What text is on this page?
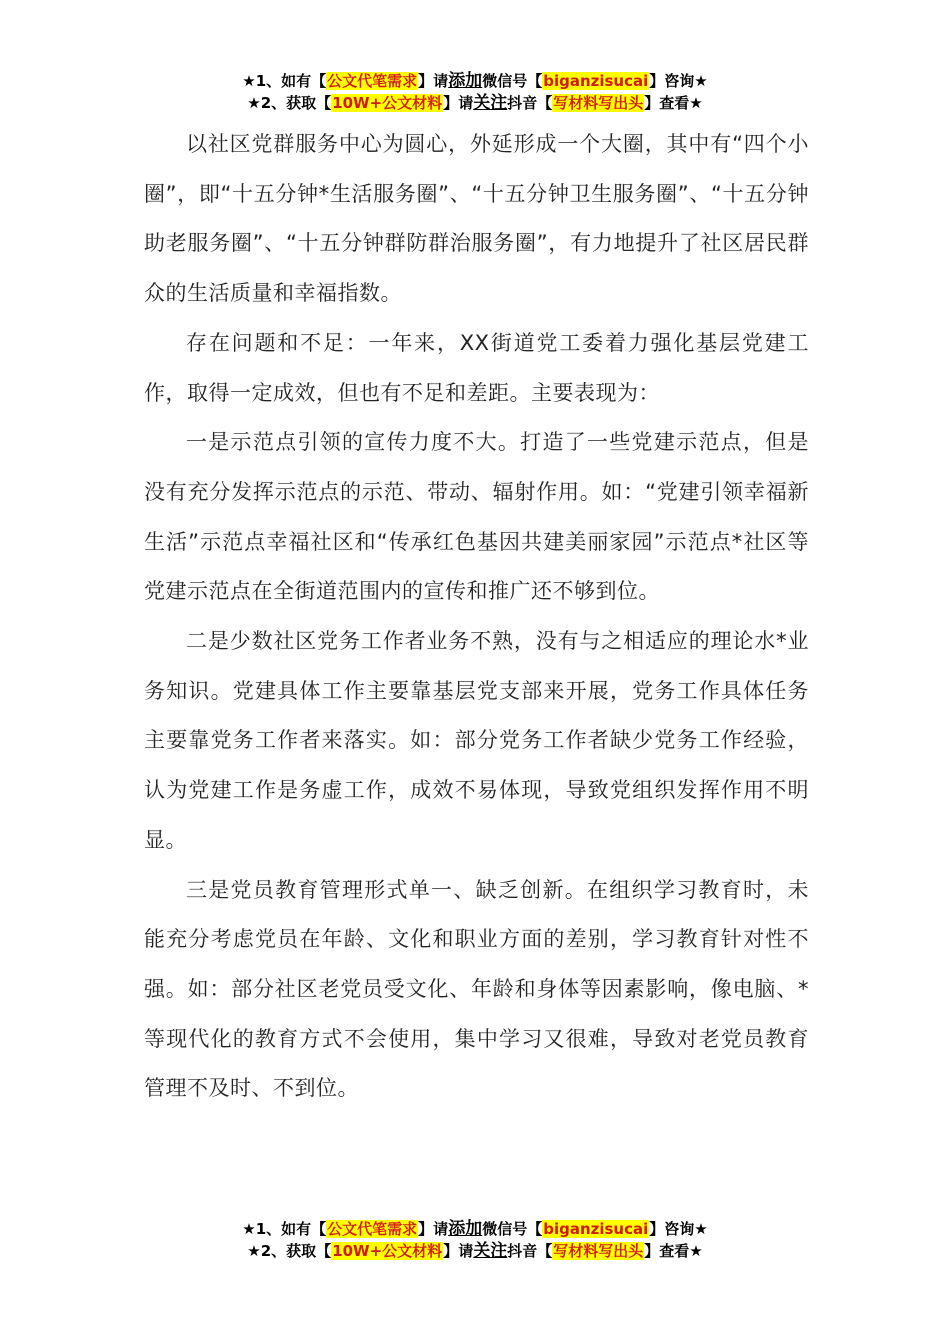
★1、如有【公文代笔需求】请添加微信号【biganzisucai】咨询★
★2、获取【10W+公文材料】请关注抖音【写材料写出头】查看★

以社区党群服务中心为圆心，外延形成一个大圈，其中有“四个小圈”，即“十五分钟*生活服务圈”、“十五分钟卫生服务圈”、“十五分钟助老服务圈”、“十五分钟群防群治服务圈”，有力地提升了社区居民群众的生活质量和幸福指数。

存在问题和不足：一年来，XX街道党工委着力强化基层党建工作，取得一定成效，但也有不足和差距。主要表现为：

一是示范点引领的宣传力度不大。打造了一些党建示范点，但是没有充分发挥示范点的示范、带动、辐射作用。如：“党建引领幸福新生活”示范点幸福社区和“传承红色基因共建美丽家园”示范点*社区等党建示范点在全街道范围内的宣传和推广还不够到位。

二是少数社区党务工作者业务不熟，没有与之相适应的理论水*业务知识。党建具体工作主要靠基层党支部来开展，党务工作具体任务主要靠党务工作者来落实。如：部分党务工作者缺少党务工作经验，认为党建工作是务虚工作，成效不易体现，导致党组织发挥作用不明显。

三是党员教育管理形式单一、缺乏创新。在组织学习教育时，未能充分考虑党员在年龄、文化和职业方面的差别，学习教育针对性不强。如：部分社区老党员受文化、年龄和身体等因素影响，像电脑、*等现代化的教育方式不会使用，集中学习又很难，导致对老党员教育管理不及时、不到位。

★1、如有【公文代笔需求】请添加微信号【biganzisucai】咨询★
★2、获取【10W+公文材料】请关注抖音【写材料写出头】查看★
